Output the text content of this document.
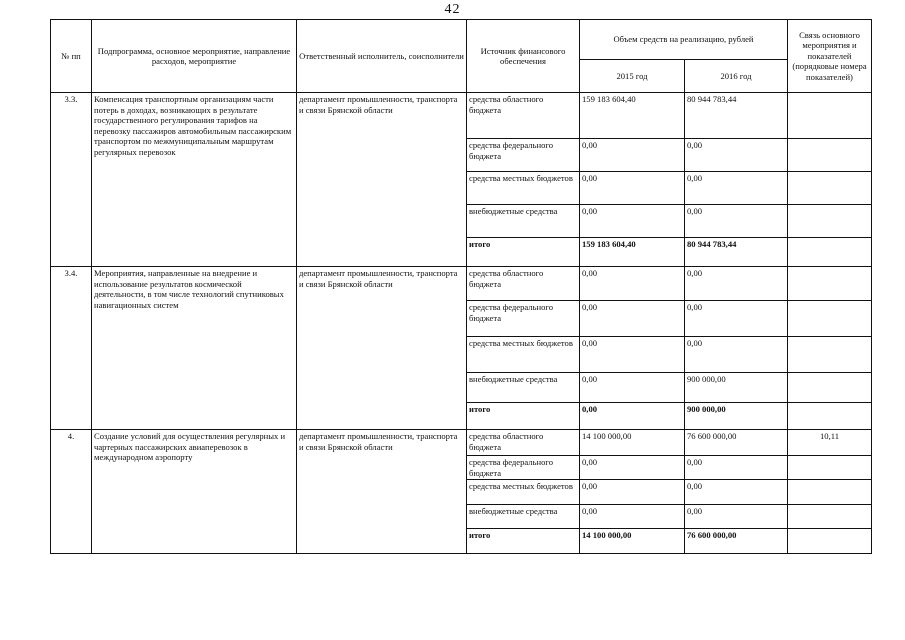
42
№ пп	Подпрограмма, основное мероприятие, направление расходов, мероприятие	Ответственный исполнитель, соисполнители	Источник финансового обеспечения	Объем средств на реализацию, рублей		Связь основного мероприятия и показателей (порядковые номера показателей)
				2015 год	2016 год	
3.3.	Компенсация транспортным организациям части потерь в доходах, возникающих в результате государственного регулирования тарифов на перевозку пассажиров автомобильным пассажирским транспортом по межмуниципальным маршрутам регулярных перевозок	департамент промышленности, транспорта и связи Брянской области	средства областного бюджета	159 183 604,40	80 944 783,44	
			средства федерального бюджета	0,00	0,00	
			средства местных бюджетов	0,00	0,00	
			внебюджетные средства	0,00	0,00	
			итого	159 183 604,40	80 944 783,44	
3.4.	Мероприятия, направленные на внедрение и использование результатов космической деятельности, в том числе технологий спутниковых навигационных систем	департамент промышленности, транспорта и связи Брянской области	средства областного бюджета	0,00	0,00	
			средства федерального бюджета	0,00	0,00	
			средства местных бюджетов	0,00	0,00	
			внебюджетные средства	0,00	900 000,00	
			итого	0,00	900 000,00	
4.	Создание условий для осуществления регулярных и чартерных пассажирских авиаперевозок в международном аэропорту	департамент промышленности, транспорта и связи Брянской области	средства областного бюджета	14 100 000,00	76 600 000,00	10,11
			средства федерального бюджета	0,00	0,00	
			средства местных бюджетов	0,00	0,00	
			внебюджетные средства	0,00	0,00	
			итого	14 100 000,00	76 600 000,00	
